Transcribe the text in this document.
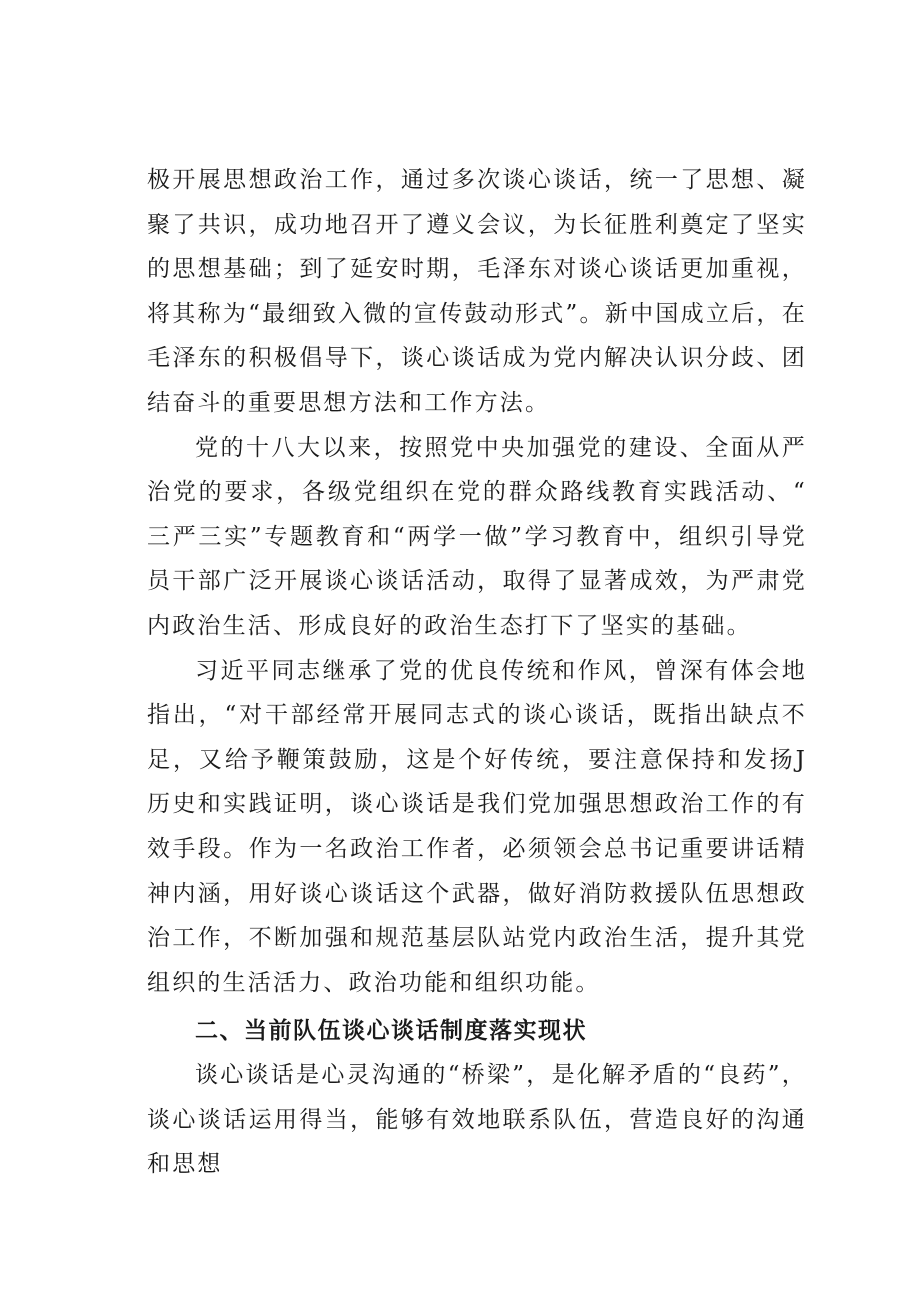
极开展思想政治工作，通过多次谈心谈话，统一了思想、凝聚了共识，成功地召开了遵义会议，为长征胜利奠定了坚实的思想基础；到了延安时期，毛泽东对谈心谈话更加重视，将其称为“最细致入微的宣传鼓动形式”。新中国成立后，在毛泽东的积极倡导下，谈心谈话成为党内解决认识分歧、团结奋斗的重要思想方法和工作方法。

党的十八大以来，按照党中央加强党的建设、全面从严治党的要求，各级党组织在党的群众路线教育实践活动、“三严三实”专题教育和“两学一做”学习教育中，组织引导党员干部广泛开展谈心谈话活动，取得了显著成效，为严肃党内政治生活、形成良好的政治生态打下了坚实的基础。

习近平同志继承了党的优良传统和作风，曾深有体会地指出，“对干部经常开展同志式的谈心谈话，既指出缺点不足，又给予鞭策鼓励，这是个好传统，要注意保持和发扬J历史和实践证明，谈心谈话是我们党加强思想政治工作的有效手段。作为一名政治工作者，必须领会总书记重要讲话精神内涵，用好谈心谈话这个武器，做好消防救援队伍思想政治工作，不断加强和规范基层队站党内政治生活，提升其党组织的生活活力、政治功能和组织功能。

二、当前队伍谈心谈话制度落实现状

谈心谈话是心灵沟通的“桥梁”，是化解矛盾的“良药”，谈心谈话运用得当，能够有效地联系队伍，营造良好的沟通和思想
